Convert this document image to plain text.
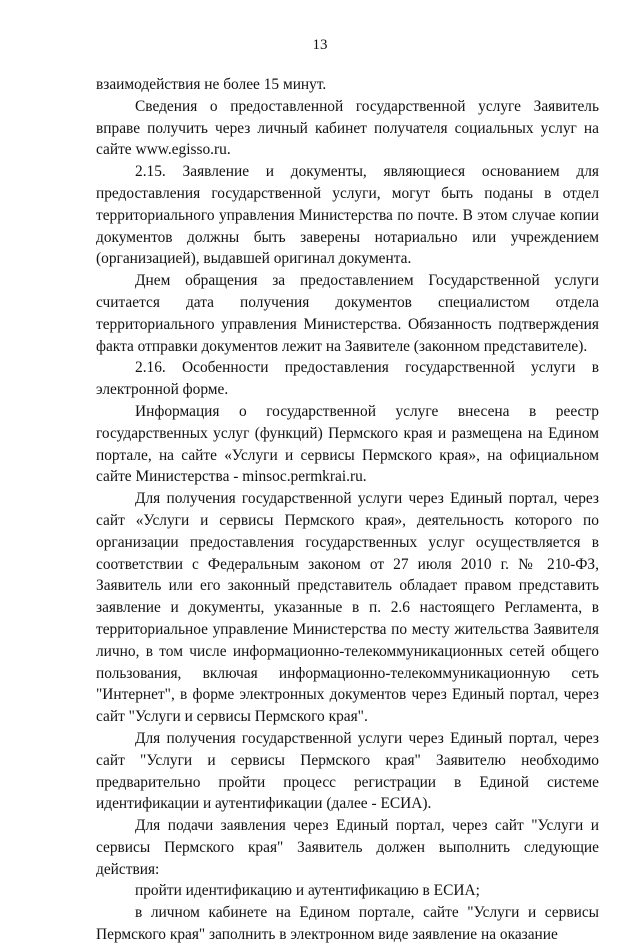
13

взаимодействия не более 15 минут.

Сведения о предоставленной государственной услуге Заявитель вправе получить через личный кабинет получателя социальных услуг на сайте www.egisso.ru.

2.15. Заявление и документы, являющиеся основанием для предоставления государственной услуги, могут быть поданы в отдел территориального управления Министерства по почте. В этом случае копии документов должны быть заверены нотариально или учреждением (организацией), выдавшей оригинал документа.

Днем обращения за предоставлением Государственной услуги считается дата получения документов специалистом отдела территориального управления Министерства. Обязанность подтверждения факта отправки документов лежит на Заявителе (законном представителе).

2.16. Особенности предоставления государственной услуги в электронной форме.

Информация о государственной услуге внесена в реестр государственных услуг (функций) Пермского края и размещена на Едином портале, на сайте «Услуги и сервисы Пермского края», на официальном сайте Министерства - minsoc.permkrai.ru.

Для получения государственной услуги через Единый портал, через сайт «Услуги и сервисы Пермского края», деятельность которого по организации предоставления государственных услуг осуществляется в соответствии с Федеральным законом от 27 июля 2010 г. № 210-ФЗ, Заявитель или его законный представитель обладает правом представить заявление и документы, указанные в п. 2.6 настоящего Регламента, в территориальное управление Министерства по месту жительства Заявителя лично, в том числе информационно-телекоммуникационных сетей общего пользования, включая информационно-телекоммуникационную сеть "Интернет", в форме электронных документов через Единый портал, через сайт "Услуги и сервисы Пермского края".

Для получения государственной услуги через Единый портал, через сайт "Услуги и сервисы Пермского края" Заявителю необходимо предварительно пройти процесс регистрации в Единой системе идентификации и аутентификации (далее - ЕСИА).

Для подачи заявления через Единый портал, через сайт "Услуги и сервисы Пермского края" Заявитель должен выполнить следующие действия:

пройти идентификацию и аутентификацию в ЕСИА;

в личном кабинете на Едином портале, сайте "Услуги и сервисы Пермского края" заполнить в электронном виде заявление на оказание
